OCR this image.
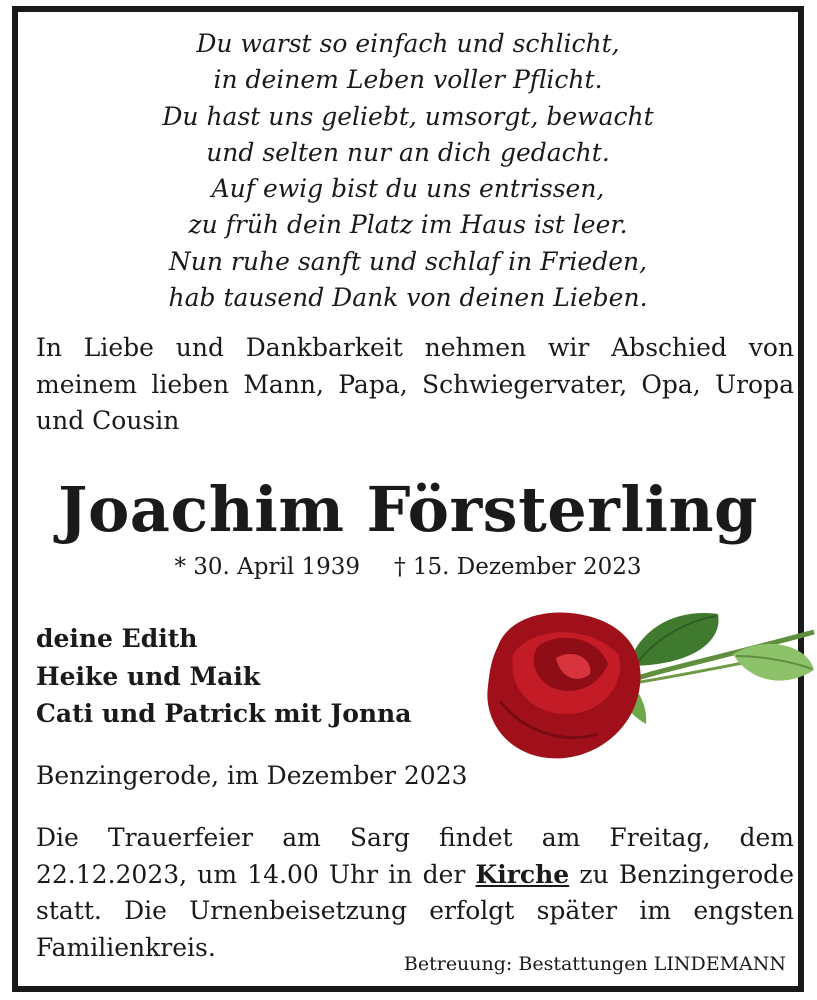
Du warst so einfach und schlicht,
in deinem Leben voller Pflicht.
Du hast uns geliebt, umsorgt, bewacht
und selten nur an dich gedacht.
Auf ewig bist du uns entrissen,
zu früh dein Platz im Haus ist leer.
Nun ruhe sanft und schlaf in Frieden,
hab tausend Dank von deinen Lieben.
In Liebe und Dankbarkeit nehmen wir Abschied von meinem lieben Mann, Papa, Schwiegervater, Opa, Uropa und Cousin
Joachim Försterling
* 30. April 1939 † 15. Dezember 2023
deine Edith
Heike und Maik
Cati und Patrick mit Jonna
Benzingerode, im Dezember 2023
Die Trauerfeier am Sarg findet am Freitag, dem 22.12.2023, um 14.00 Uhr in der Kirche zu Benzingerode statt. Die Urnenbeisetzung erfolgt später im engsten Familienkreis.
Betreuung: Bestattungen LINDEMANN
